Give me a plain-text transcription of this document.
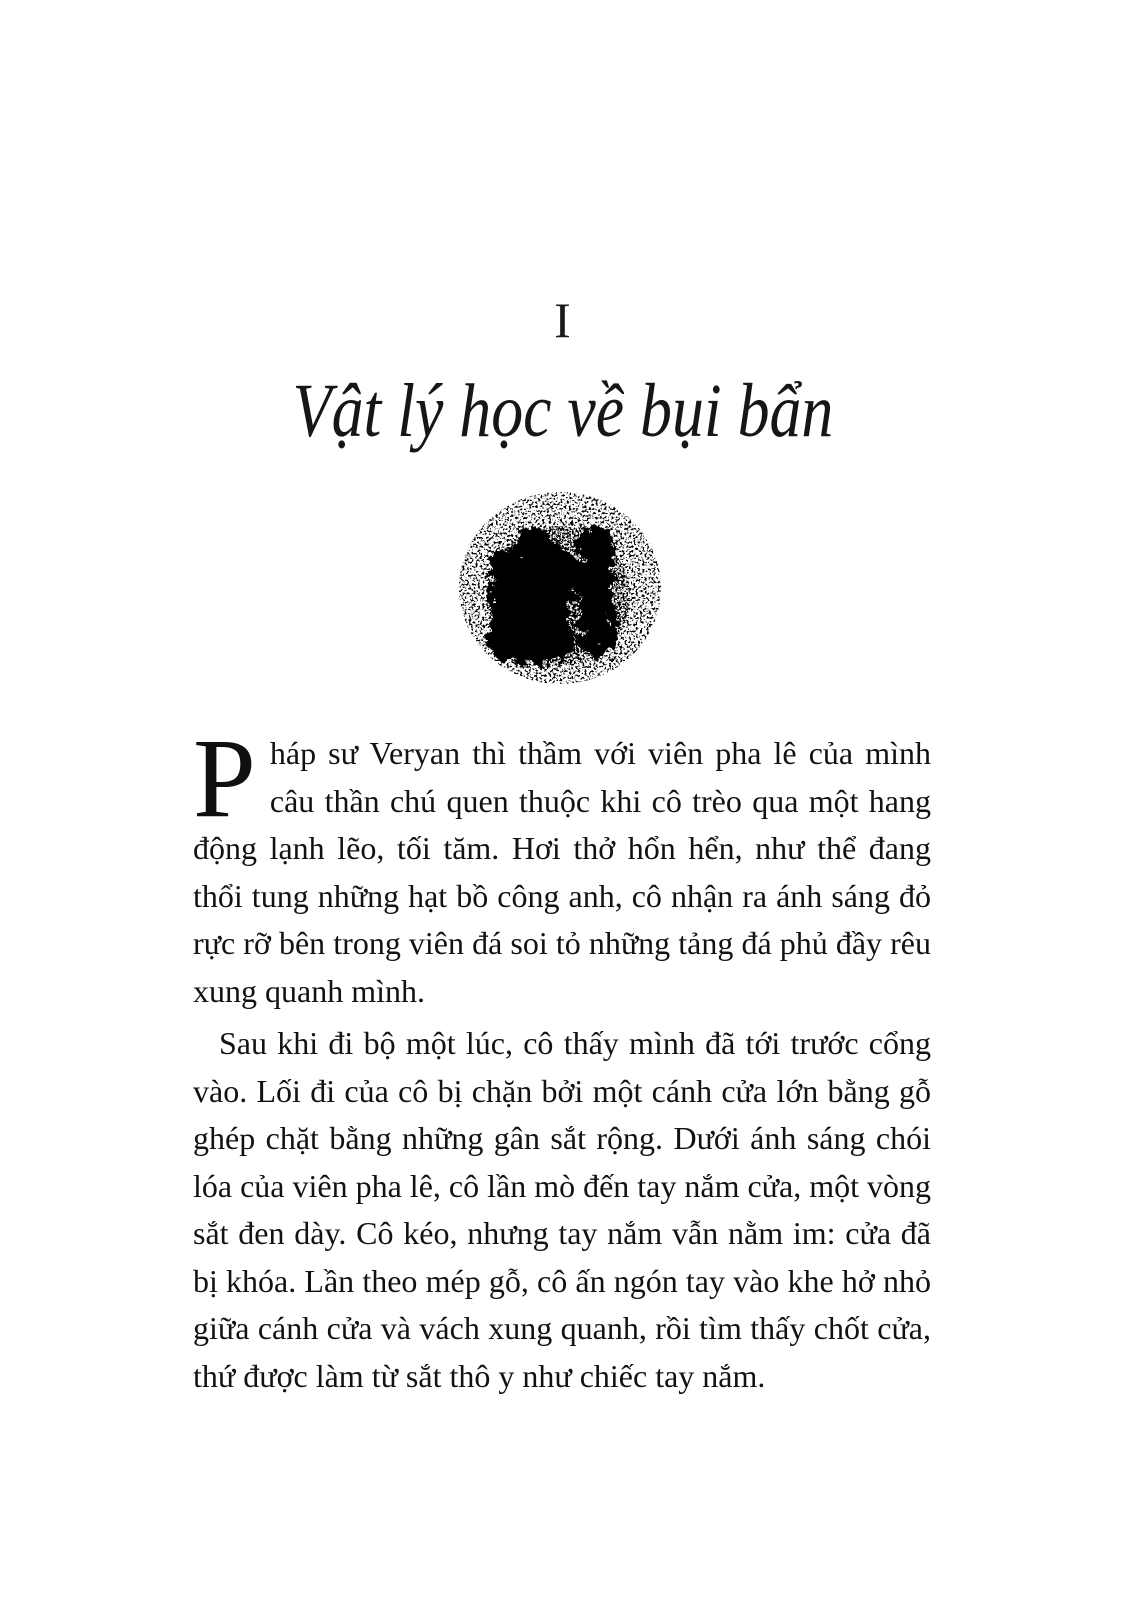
I
Vật lý học về bụi bẩn

Pháp sư Veryan thì thầm với viên pha lê của mình câu thần chú quen thuộc khi cô trèo qua một hang động lạnh lẽo, tối tăm. Hơi thở hổn hển, như thể đang thổi tung những hạt bồ công anh, cô nhận ra ánh sáng đỏ rực rỡ bên trong viên đá soi tỏ những tảng đá phủ đầy rêu xung quanh mình.

Sau khi đi bộ một lúc, cô thấy mình đã tới trước cổng vào. Lối đi của cô bị chặn bởi một cánh cửa lớn bằng gỗ ghép chặt bằng những gân sắt rộng. Dưới ánh sáng chói lóa của viên pha lê, cô lần mò đến tay nắm cửa, một vòng sắt đen dày. Cô kéo, nhưng tay nắm vẫn nằm im: cửa đã bị khóa. Lần theo mép gỗ, cô ấn ngón tay vào khe hở nhỏ giữa cánh cửa và vách xung quanh, rồi tìm thấy chốt cửa, thứ được làm từ sắt thô y như chiếc tay nắm.
